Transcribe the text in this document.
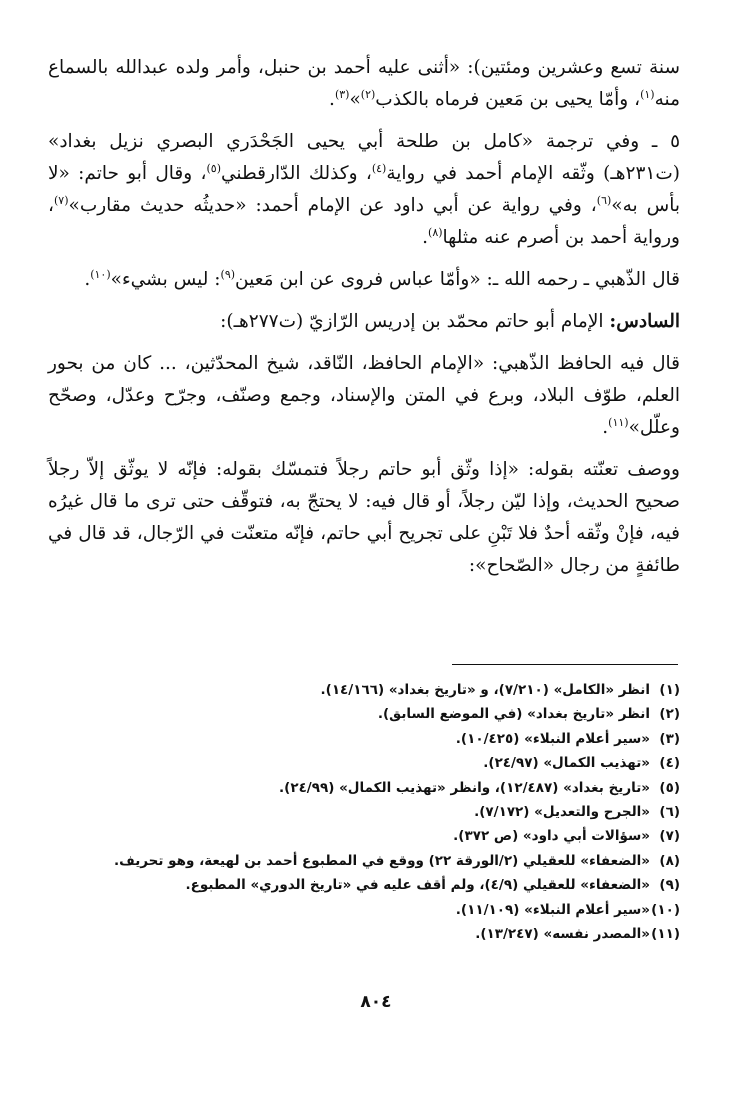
سنة تسع وعشرين ومئتين): «أثنى عليه أحمد بن حنبل، وأمر ولده عبدالله بالسماع منه$^{(١)}$، وأمّا يحيى بن مَعين فرماه بالكذب$^{(٢)}$»$^{(٣)}$.

٥ ـ وفي ترجمة «كامل بن طلحة أبي يحيى الجَحْدَري البصري نزيل بغداد» (ت٢٣١هـ) وثّقه الإمام أحمد في رواية$^{(٤)}$، وكذلك الدّارقطني$^{(٥)}$، وقال أبو حاتم: «لا بأس به»$^{(٦)}$، وفي رواية عن أبي داود عن الإمام أحمد: «حديثُه حديث مقارب»$^{(٧)}$، ورواية أحمد بن أصرم عنه مثلها$^{(٨)}$.

قال الذّهبي ـ رحمه الله ـ: «وأمّا عباس فروى عن ابن مَعين$^{(٩)}$: ليس بشيء»$^{(١٠)}$.

السادس: الإمام أبو حاتم محمّد بن إدريس الرّازيّ (ت٢٧٧هـ):

قال فيه الحافظ الذّهبي: «الإمام الحافظ، النّاقد، شيخ المحدّثين، ... كان من بحور العلم، طوّف البلاد، وبرع في المتن والإسناد، وجمع وصنّف، وجرّح وعدّل، وصحّح وعلّل»$^{(١١)}$.

ووصف تعنّته بقوله: «إذا وثّق أبو حاتم رجلاً فتمسّك بقوله: فإنّه لا يوثّق إلاّ رجلاً صحيح الحديث، وإذا ليّن رجلاً، أو قال فيه: لا يحتجّ به، فتوقّف حتى ترى ما قال غيرُه فيه، فإنْ وثّقه أحدٌ فلا تَبْنِ على تجريح أبي حاتم، فإنّه متعنّت في الرّجال، قد قال في طائفةٍ من رجال «الصّحاح»:

(١)انظر «الكامل» (٧/٢١٠)، و «تاريخ بغداد» (١٤/١٦٦).
(٢)انظر «تاريخ بغداد» (في الموضع السابق).
(٣)«سير أعلام النبلاء» (١٠/٤٢٥).
(٤)«تهذيب الكمال» (٢٤/٩٧).
(٥)«تاريخ بغداد» (١٢/٤٨٧)، وانظر «تهذيب الكمال» (٢٤/٩٩).
(٦)«الجرح والتعديل» (٧/١٧٢).
(٧)«سؤالات أبي داود» (ص ٣٧٢).
(٨)«الضعفاء» للعقيلي (٢/الورقة ٢٢) ووقع في المطبوع أحمد بن لهيعة، وهو تحريف.
(٩)«الضعفاء» للعقيلي (٤/٩)، ولم أقف عليه في «تاريخ الدوري» المطبوع.
(١٠)«سير أعلام النبلاء» (١١/١٠٩).
(١١)«المصدر نفسه» (١٣/٢٤٧).
٨٠٤
